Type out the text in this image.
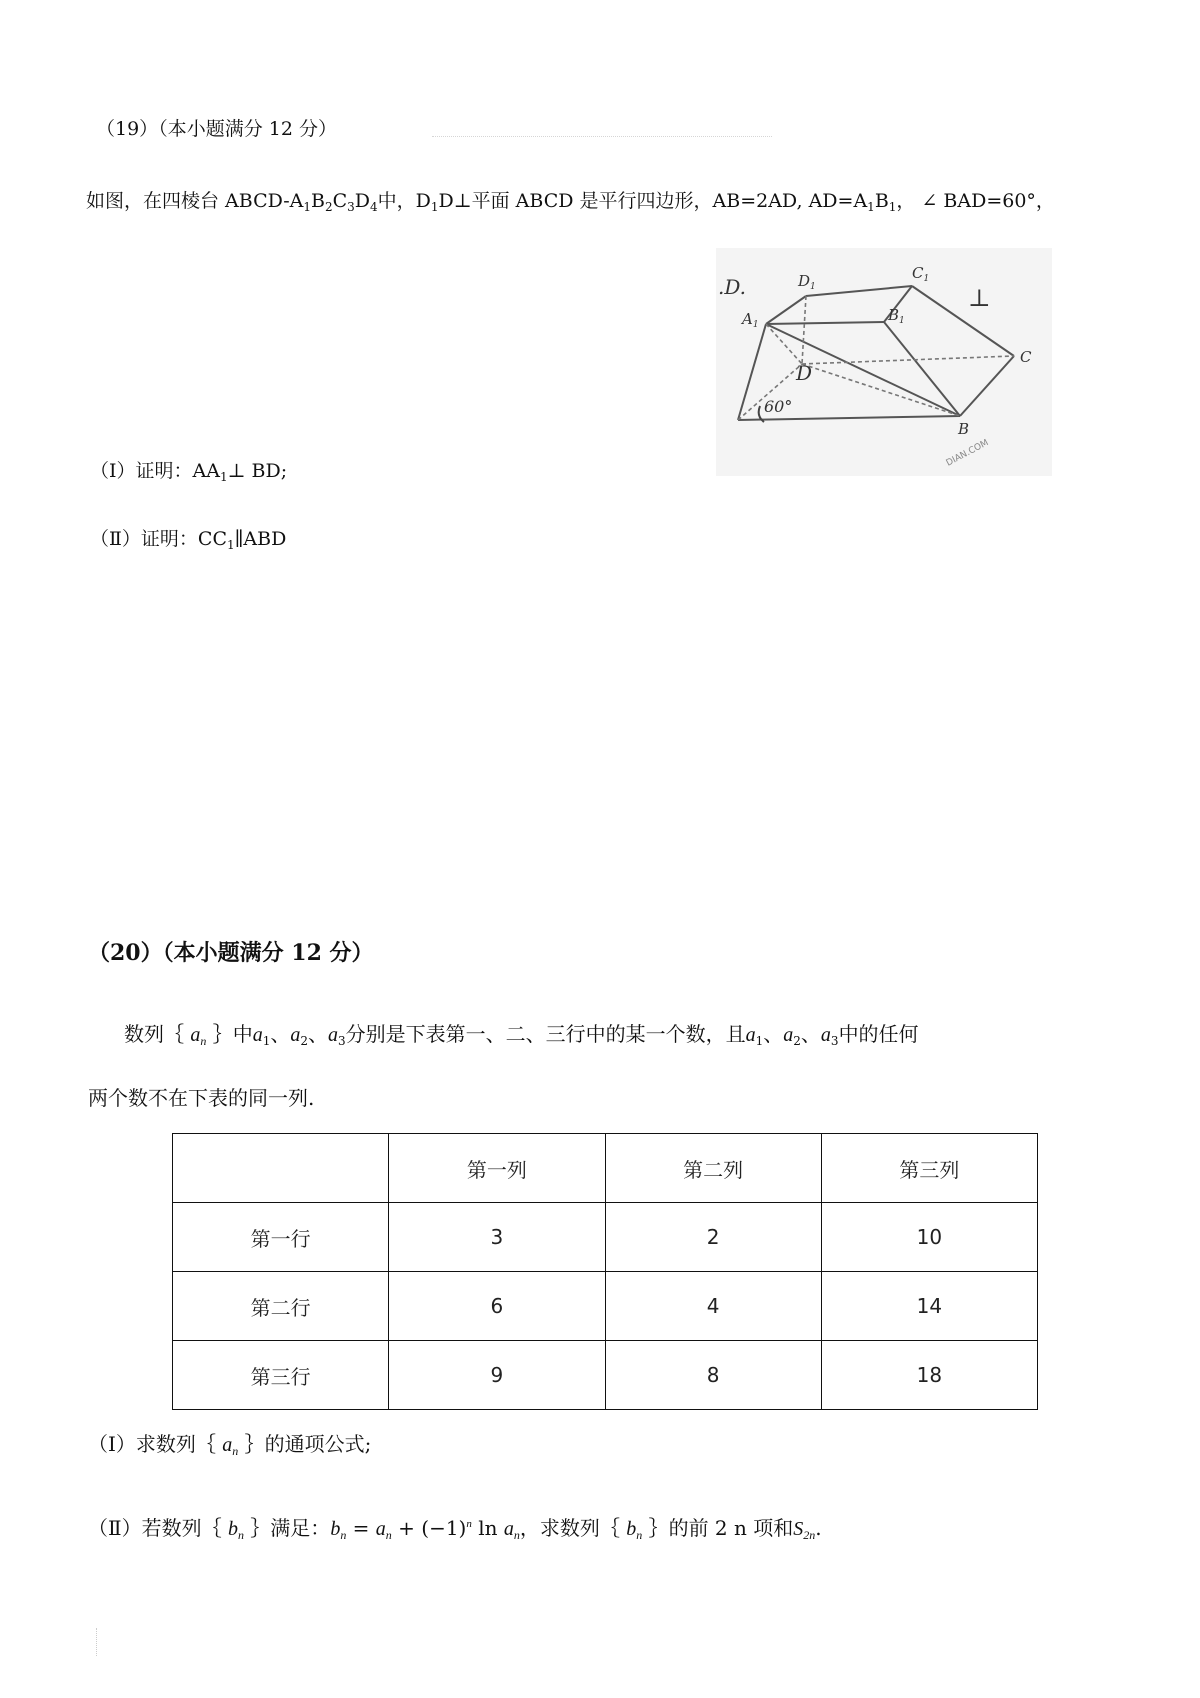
（19）（本小题满分 12 分）
如图，在四棱台 ABCD-$A_1B_2C_3D_4$中，$D_1D\perp$平面 ABCD 是平行四边形，AB=2AD, $AD=A_1B_1$， ∠ BAD=60°，
$D_1$
$C_1$
$A_1$
$B_1$
C
D
B
60°
.D.	⊥
DIAN.COM
（Ⅰ）证明：$AA_1\perp$ BD;
（Ⅱ）证明：$CC_1\parallel ABD$
（20）（本小题满分 12 分）
数列｛ $a_n$ ｝中$a_1$、$a_2$、$a_3$分别是下表第一、二、三行中的某一个数，且$a_1$、$a_2$、$a_3$中的任何
两个数不在下表的同一列.
	第一列	第二列	第三列
第一行	3	2	10
第二行	6	4	14
第三行	9	8	18
（Ⅰ）求数列｛ $a_n$ ｝的通项公式;
（Ⅱ）若数列｛ $b_n$ ｝满足：$b_n = a_n + (-1)^n$ $\ln a_n$，求数列｛ $b_n$ ｝的前 2 n 项和$S_{2n}$.
